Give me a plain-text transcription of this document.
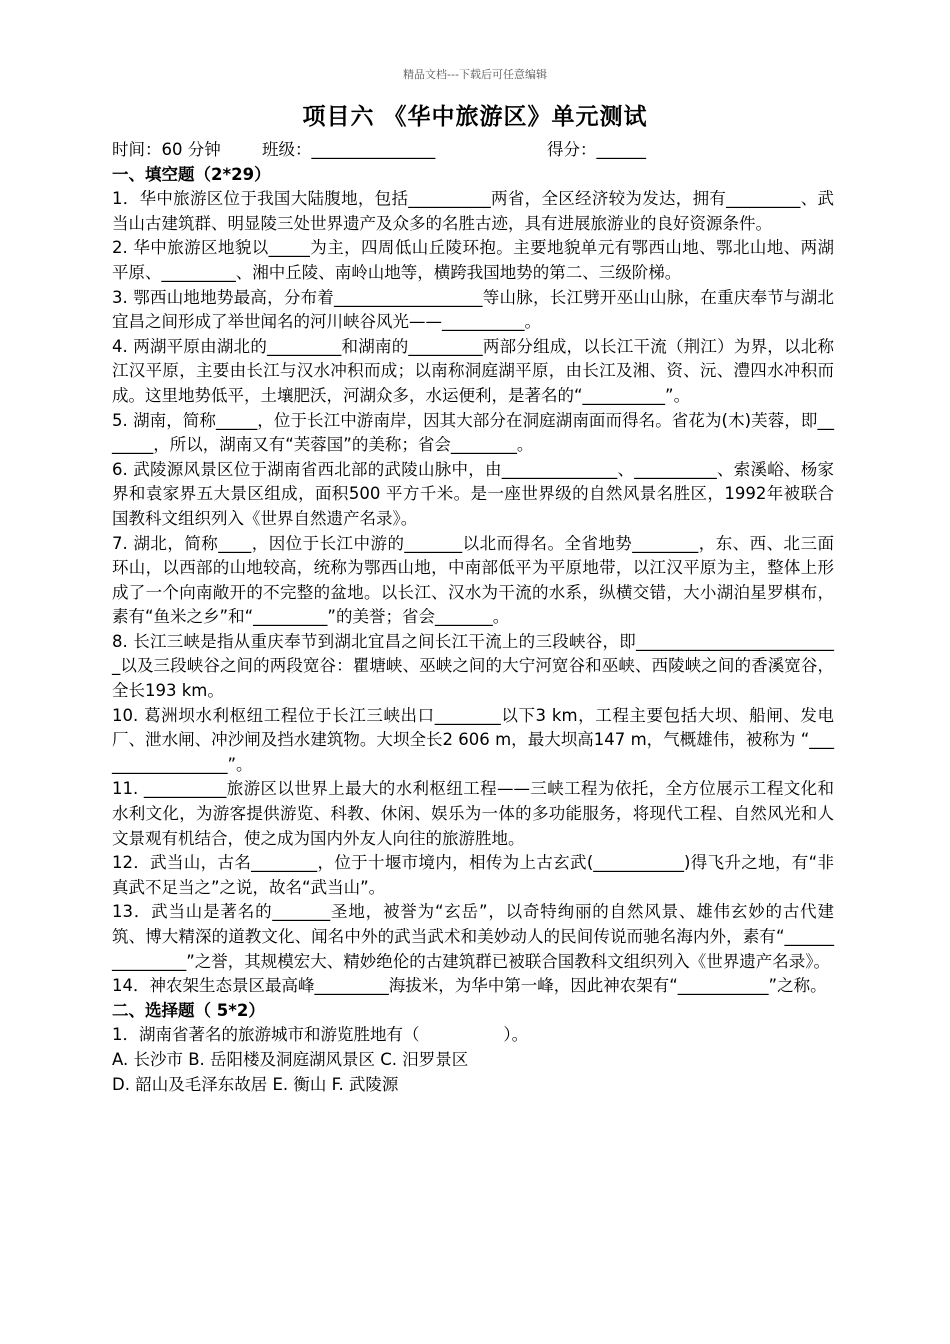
精品文档---下载后可任意编辑
项目六 《华中旅游区》单元测试
时间：60 分钟	班级：_______________	得分：______
一、填空题（2*29）

1．华中旅游区位于我国大陆腹地，包括__________两省，全区经济较为发达，拥有_________、武当山古建筑群、明显陵三处世界遗产及众多的名胜古迹，具有进展旅游业的良好资源条件。

2. 华中旅游区地貌以_____为主，四周低山丘陵环抱。主要地貌单元有鄂西山地、鄂北山地、两湖平原、_________、湘中丘陵、南岭山地等，横跨我国地势的第二、三级阶梯。

3. 鄂西山地地势最高，分布着__________________等山脉，长江劈开巫山山脉，在重庆奉节与湖北宜昌之间形成了举世闻名的河川峡谷风光——__________。

4. 两湖平原由湖北的_________和湖南的_________两部分组成，以长江干流（荆江）为界，以北称江汉平原，主要由长江与汉水冲积而成；以南称洞庭湖平原，由长江及湘、资、沅、澧四水冲积而成。这里地势低平，土壤肥沃，河湖众多，水运便利，是著名的“__________”。

5. 湖南，简称_____，位于长江中游南岸，因其大部分在洞庭湖南面而得名。省花为(木)芙蓉，即_______，所以，湖南又有“芙蓉国”的美称；省会________。

6. 武陵源风景区位于湖南省西北部的武陵山脉中，由______________、__________、索溪峪、杨家界和袁家界五大景区组成，面积500 平方千米。是一座世界级的自然风景名胜区，1992年被联合国教科文组织列入《世界自然遗产名录》。

7. 湖北，简称____，因位于长江中游的_______以北而得名。全省地势________，东、西、北三面环山，以西部的山地较高，统称为鄂西山地，中南部低平为平原地带，以江汉平原为主，整体上形成了一个向南敞开的不完整的盆地。以长江、汉水为干流的水系，纵横交错，大小湖泊星罗棋布，素有“鱼米之乡”和“_________”的美誉；省会_______。

8. 长江三峡是指从重庆奉节到湖北宜昌之间长江干流上的三段峡谷，即_________________________以及三段峡谷之间的两段宽谷：瞿塘峡、巫峡之间的大宁河宽谷和巫峡、西陵峡之间的香溪宽谷，全长193 km。

10. 葛洲坝水利枢纽工程位于长江三峡出口________以下3 km，工程主要包括大坝、船闸、发电厂、泄水闸、冲沙闸及挡水建筑物。大坝全长2 606 m，最大坝高147 m，气概雄伟，被称为 “_________________”。

11. __________旅游区以世界上最大的水利枢纽工程——三峡工程为依托，全方位展示工程文化和水利文化，为游客提供游览、科教、休闲、娱乐为一体的多功能服务，将现代工程、自然风光和人文景观有机结合，使之成为国内外友人向往的旅游胜地。

12．武当山，古名________，位于十堰市境内，相传为上古玄武(___________)得飞升之地，有“非真武不足当之”之说，故名“武当山”。

13．武当山是著名的_______圣地，被誉为“玄岳”，以奇特绚丽的自然风景、雄伟玄妙的古代建筑、博大精深的道教文化、闻名中外的武当武术和美妙动人的民间传说而驰名海内外，素有“_______________”之誉，其规模宏大、精妙绝伦的古建筑群已被联合国教科文组织列入《世界遗产名录》。

14．神农架生态景区最高峰_________海拔米，为华中第一峰，因此神农架有“___________”之称。

二、选择题（ 5*2）

1．湖南省著名的旅游城市和游览胜地有（                ）。

A. 长沙市 B. 岳阳楼及洞庭湖风景区 C. 汨罗景区

D. 韶山及毛泽东故居 E. 衡山 F. 武陵源
